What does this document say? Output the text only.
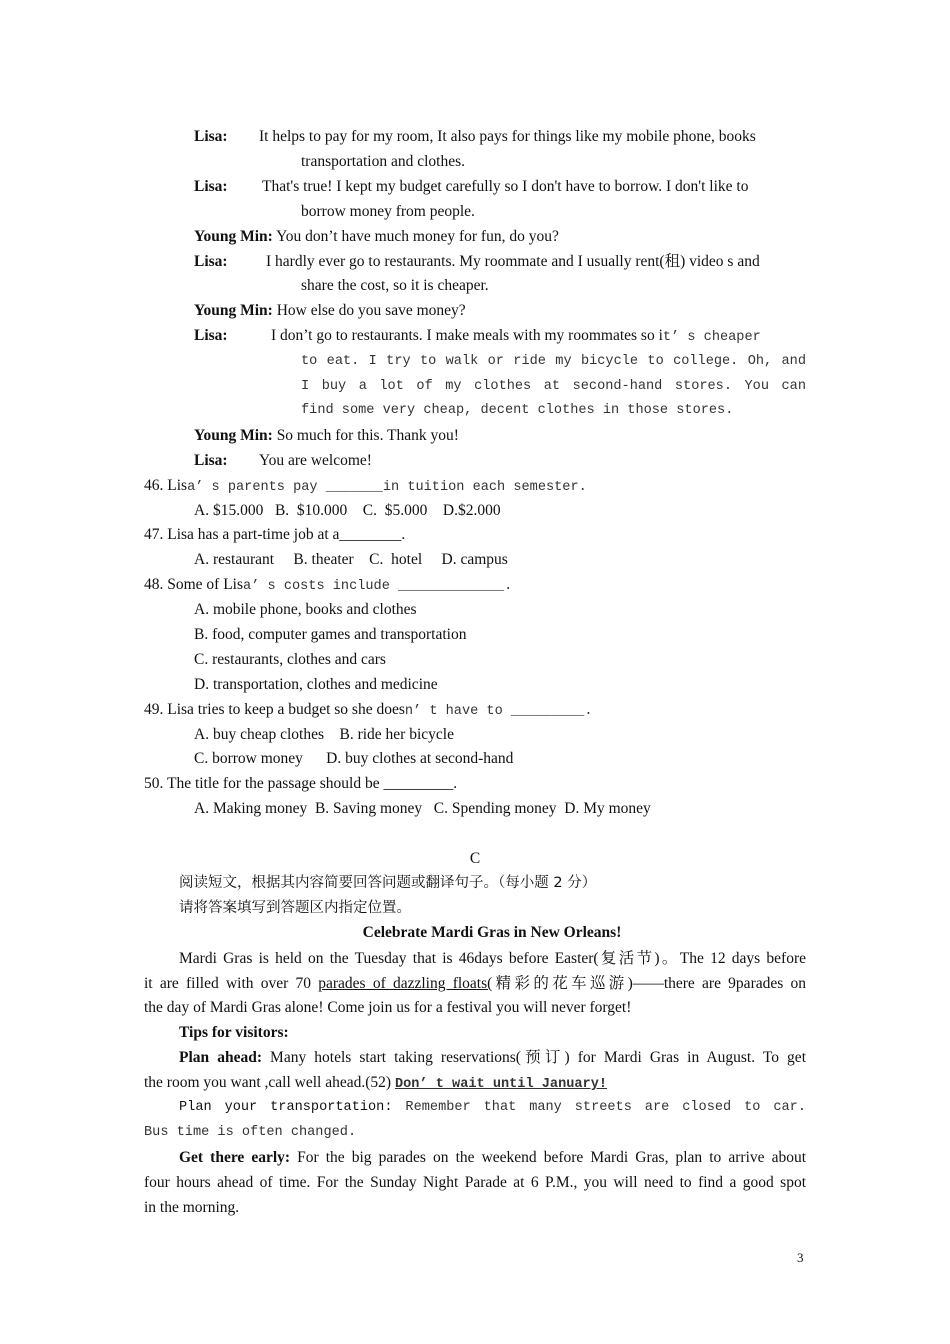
Lisa: It helps to pay for my room, It also pays for things like my mobile phone, books
transportation and clothes.
Lisa: That's true! I kept my budget carefully so I don't have to borrow. I don't like to
borrow money from people.
Young Min: You don’t have much money for fun, do you?
Lisa: I hardly ever go to restaurants. My roommate and I usually rent(租) video s and
share the cost, so it is cheaper.
Young Min: How else do you save money?
Lisa:	I don’t go to restaurants. I make meals with my roommates so it’ s cheaper
to eat. I try to walk or ride my bicycle to college. Oh, and
I buy a lot of my clothes at second-hand stores. You can
find some very cheap, decent clothes in those stores.
Young Min: So much for this. Thank you!
Lisa: You are welcome!
46. Lisa’ s parents pay _______in tuition each semester.
A. $15.000   B.  $10.000    C.  $5.000    D.$2.000
47. Lisa has a part-time job at a________.
A. restaurant     B. theater    C.  hotel     D. campus
48. Some of Lisa’ s costs include _____________.
A. mobile phone, books and clothes
B. food, computer games and transportation
C. restaurants, clothes and cars
D. transportation, clothes and medicine
49. Lisa tries to keep a budget so she doesn’ t have to _________.
A. buy cheap clothes    B. ride her bicycle
C. borrow money      D. buy clothes at second-hand
50. The title for the passage should be _________.
A. Making money  B. Saving money   C. Spending money  D. My money
C
阅读短文，根据其内容简要回答问题或翻译句子。（每小题 2 分）
请将答案填写到答题区内指定位置。
Celebrate Mardi Gras in New Orleans!
Mardi Gras is held on the Tuesday that is 46days before Easter(复活节)。The 12 days before
it are filled with over 70 parades of dazzling floats(精彩的花车巡游)——there are 9parades on
the day of Mardi Gras alone! Come join us for a festival you will never forget!
Tips for visitors:
Plan ahead: Many hotels start taking reservations(预订) for Mardi Gras in August. To get
the room you want ,call well ahead.(52) Don’ t wait until January!
Plan your transportation: Remember that many streets are closed to car.
Bus time is often changed.
Get there early: For the big parades on the weekend before Mardi Gras, plan to arrive about
four hours ahead of time. For the Sunday Night Parade at 6 P.M., you will need to find a good spot
in the morning.
3
